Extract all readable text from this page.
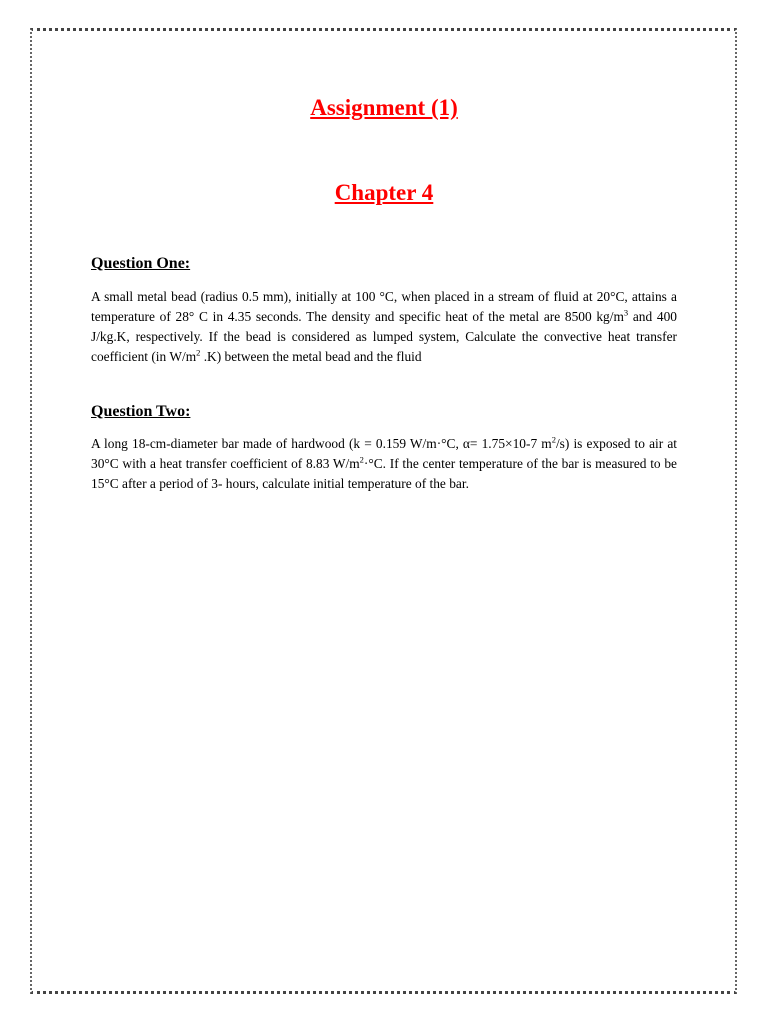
Assignment (1)
Chapter 4
Question One:

A small metal bead (radius 0.5 mm), initially at 100 °C, when placed in a stream of fluid at 20°C, attains a temperature of 28° C in 4.35 seconds. The density and specific heat of the metal are 8500 $kg/m^3$ and 400 J/kg.K, respectively. If the bead is considered as lumped system, Calculate the convective heat transfer coefficient (in $W/m^2$ .K) between the metal bead and the fluid

Question Two:

A long 18-cm-diameter bar made of hardwood (k = 0.159 W/m·°C, α= 1.75×10-7 $m^2/s$) is exposed to air at 30°C with a heat transfer coefficient of 8.83 $W/m^2\cdot^\circ C$. If the center temperature of the bar is measured to be 15°C after a period of 3- hours, calculate initial temperature of the bar.
